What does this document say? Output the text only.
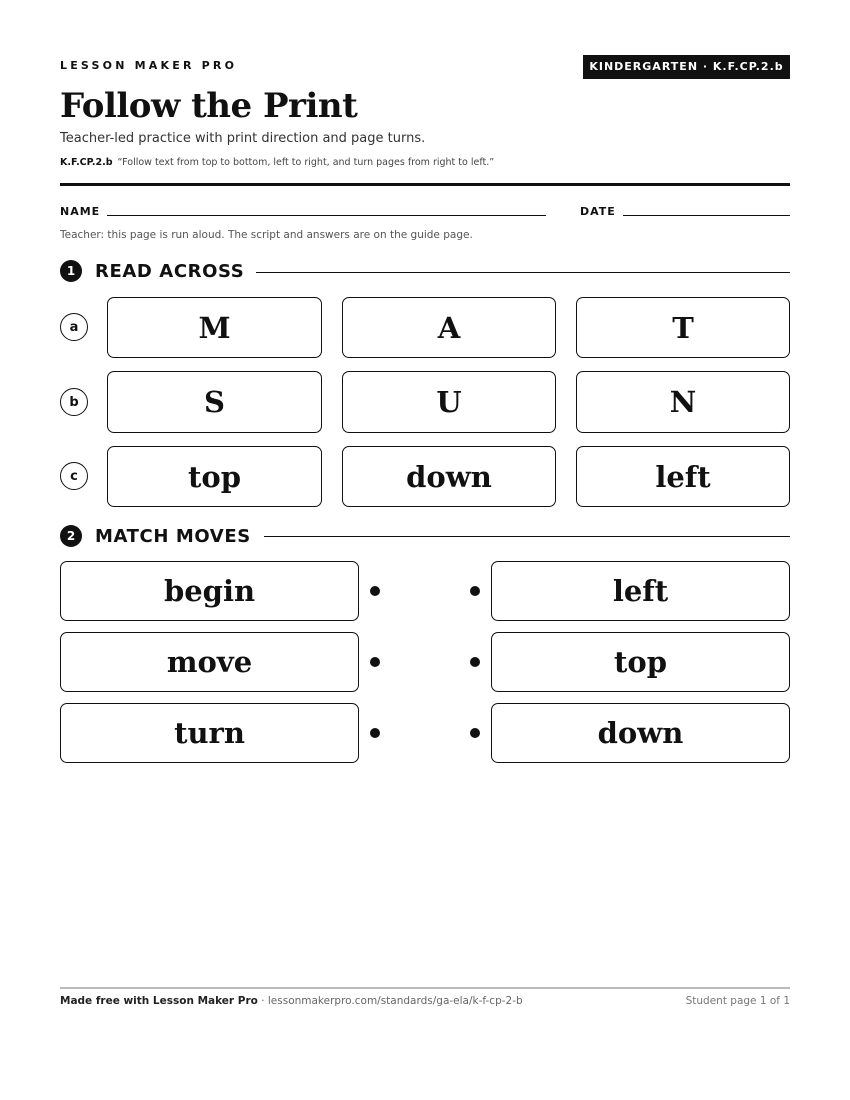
LESSON MAKER PRO	KINDERGARTEN · K.F.CP.2.b
Follow the Print
Teacher-led practice with print direction and page turns.
K.F.CP.2.b “Follow text from top to bottom, left to right, and turn pages from right to left.”
NAME	DATE
Teacher: this page is run aloud. The script and answers are on the guide page.
1	READ ACROSS
a	M	A	T
b	S	U	N
c	top	down	left
2	MATCH MOVES
begin	left
move	top
turn	down
Made free with Lesson Maker Pro · lessonmakerpro.com/standards/ga-ela/k-f-cp-2-b	Student page 1 of 1
